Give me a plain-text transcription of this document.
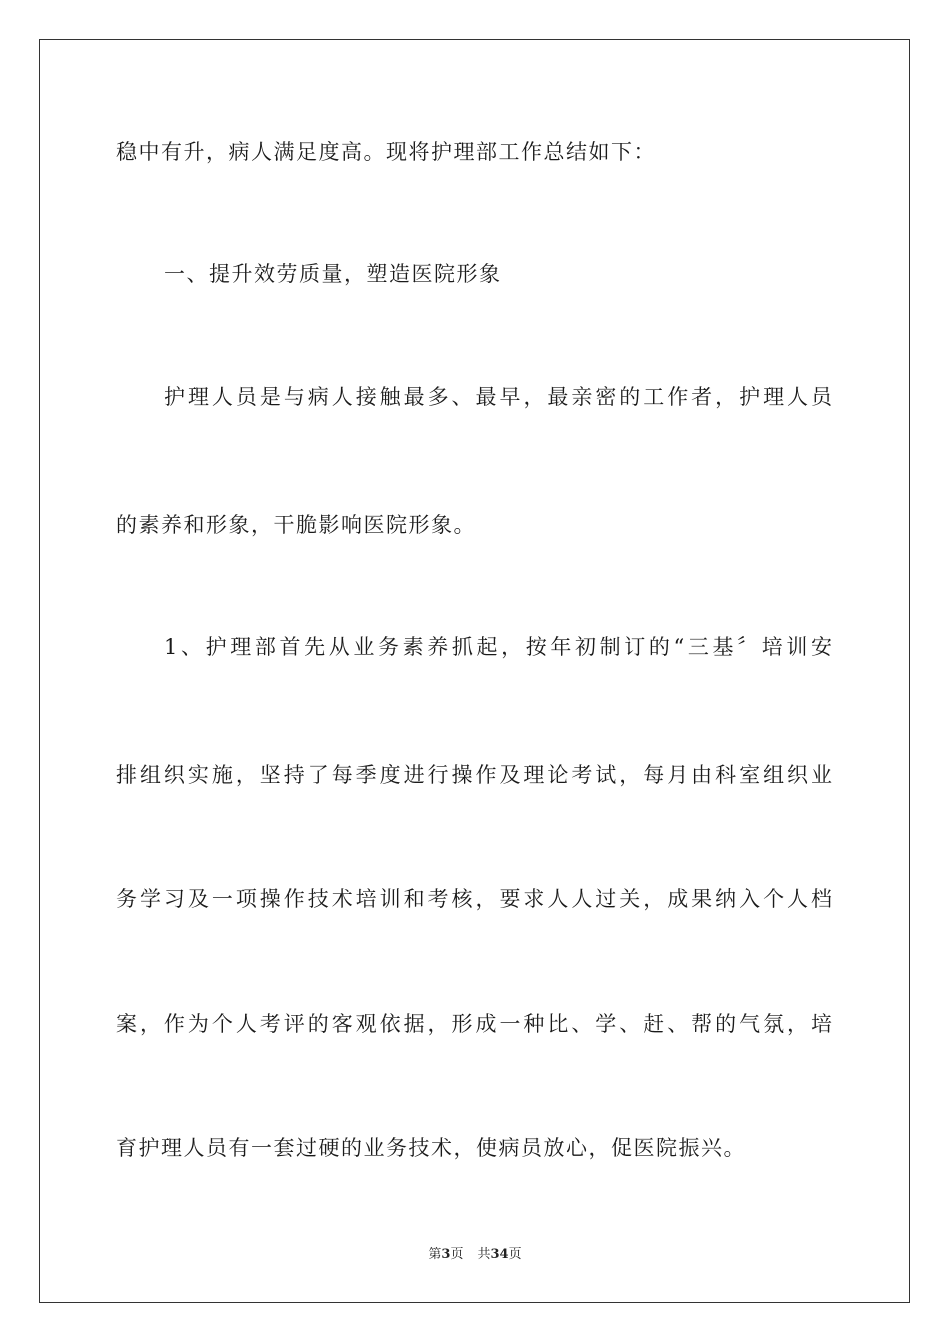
稳中有升，病人满足度高。现将护理部工作总结如下：
一、提升效劳质量，塑造医院形象
护理人员是与病人接触最多、最早，最亲密的工作者，护理人员
的素养和形象，干脆影响医院形象。
1、护理部首先从业务素养抓起，按年初制订的“三基〞培训安
排组织实施，坚持了每季度进行操作及理论考试，每月由科室组织业
务学习及一项操作技术培训和考核，要求人人过关，成果纳入个人档
案，作为个人考评的客观依据，形成一种比、学、赶、帮的气氛，培
育护理人员有一套过硬的业务技术，使病员放心，促医院振兴。
第3页 共34页
